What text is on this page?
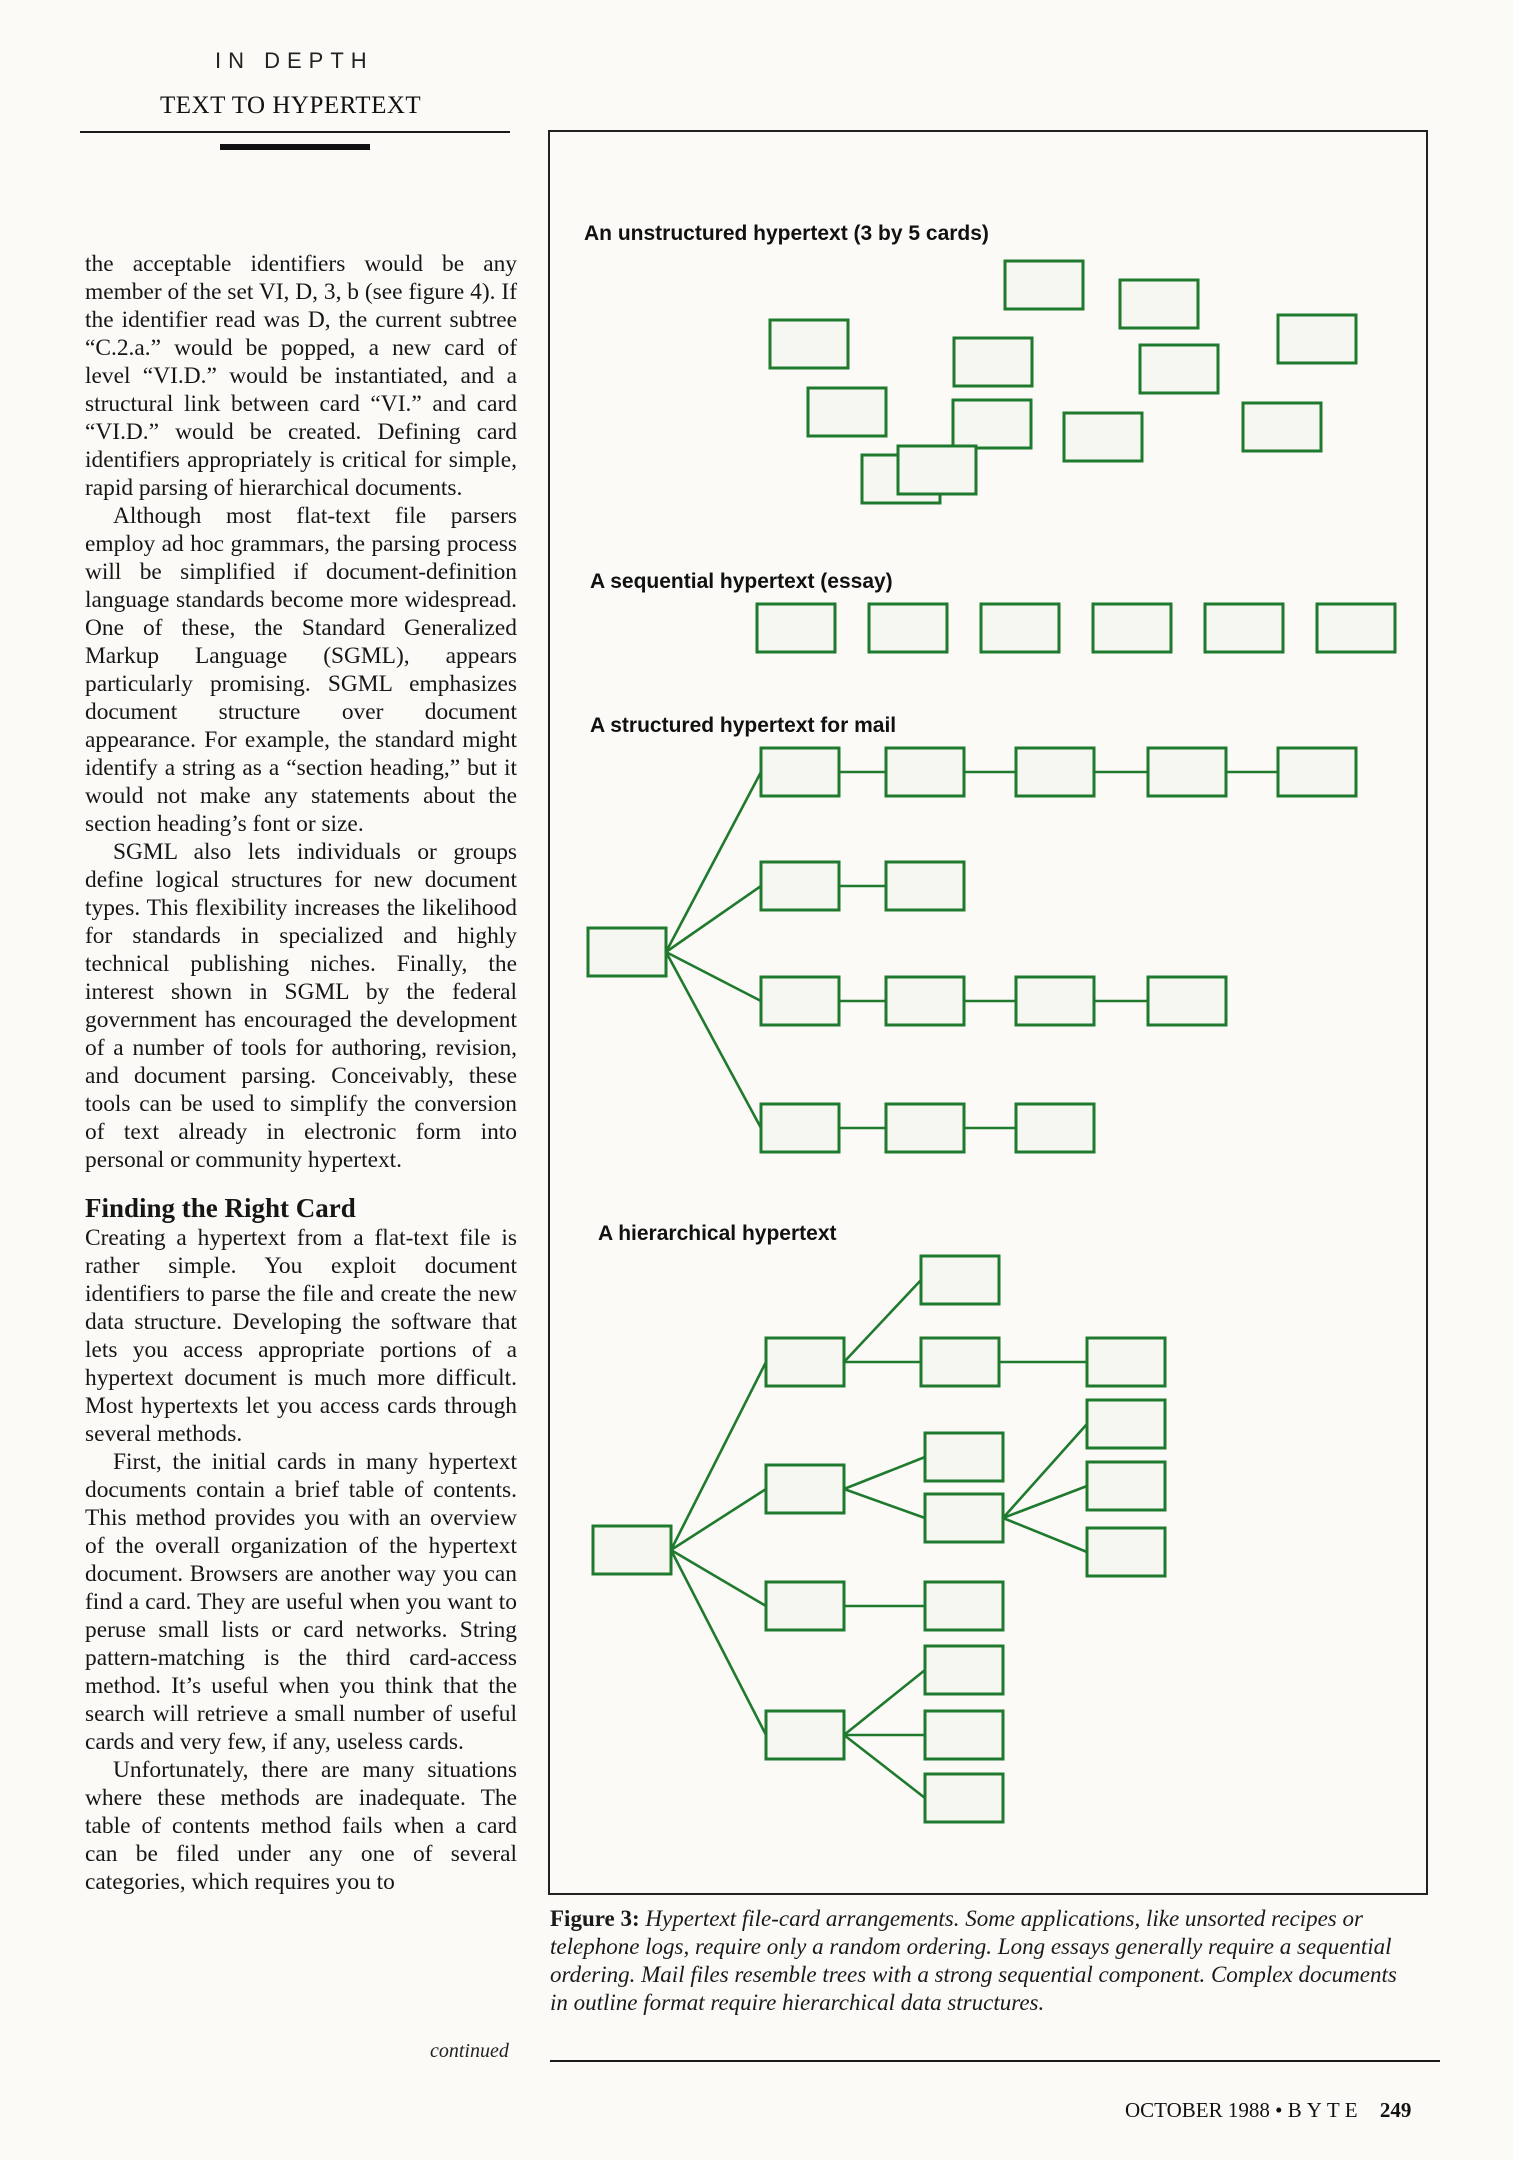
IN DEPTH
TEXT TO HYPERTEXT

the acceptable identifiers would be any member of the set VI, D, 3, b (see figure 4). If the identifier read was D, the current subtree “C.2.a.” would be popped, a new card of level “VI.D.” would be instantiated, and a structural link between card “VI.” and card “VI.D.” would be created. Defining card identifiers appropriately is critical for simple, rapid parsing of hierarchical documents.

Although most flat-text file parsers employ ad hoc grammars, the parsing process will be simplified if document-definition language standards become more widespread. One of these, the Standard Generalized Markup Language (SGML), appears particularly promising. SGML emphasizes document structure over document appearance. For example, the standard might identify a string as a “section heading,” but it would not make any statements about the section heading’s font or size.

SGML also lets individuals or groups define logical structures for new document types. This flexibility increases the likelihood for standards in specialized and highly technical publishing niches. Finally, the interest shown in SGML by the federal government has encouraged the development of a number of tools for authoring, revision, and document parsing. Conceivably, these tools can be used to simplify the conversion of text already in electronic form into personal or community hypertext.

Finding the Right Card

Creating a hypertext from a flat-text file is rather simple. You exploit document identifiers to parse the file and create the new data structure. Developing the software that lets you access appropriate portions of a hypertext document is much more difficult. Most hypertexts let you access cards through several methods.

First, the initial cards in many hypertext documents contain a brief table of contents. This method provides you with an overview of the overall organization of the hypertext document. Browsers are another way you can find a card. They are useful when you want to peruse small lists or card networks. String pattern-matching is the third card-access method. It’s useful when you think that the search will retrieve a small number of useful cards and very few, if any, useless cards.

Unfortunately, there are many situations where these methods are inadequate. The table of contents method fails when a card can be filed under any one of several categories, which requires you to

continued
An unstructured hypertext (3 by 5 cards)
A sequential hypertext (essay)
A structured hypertext for mail
A hierarchical hypertext
Figure 3: Hypertext file-card arrangements. Some applications, like unsorted recipes or telephone logs, require only a random ordering. Long essays generally require a sequential ordering. Mail files resemble trees with a strong sequential component. Complex documents in outline format require hierarchical data structures.
OCTOBER 1988 • BYTE 249
